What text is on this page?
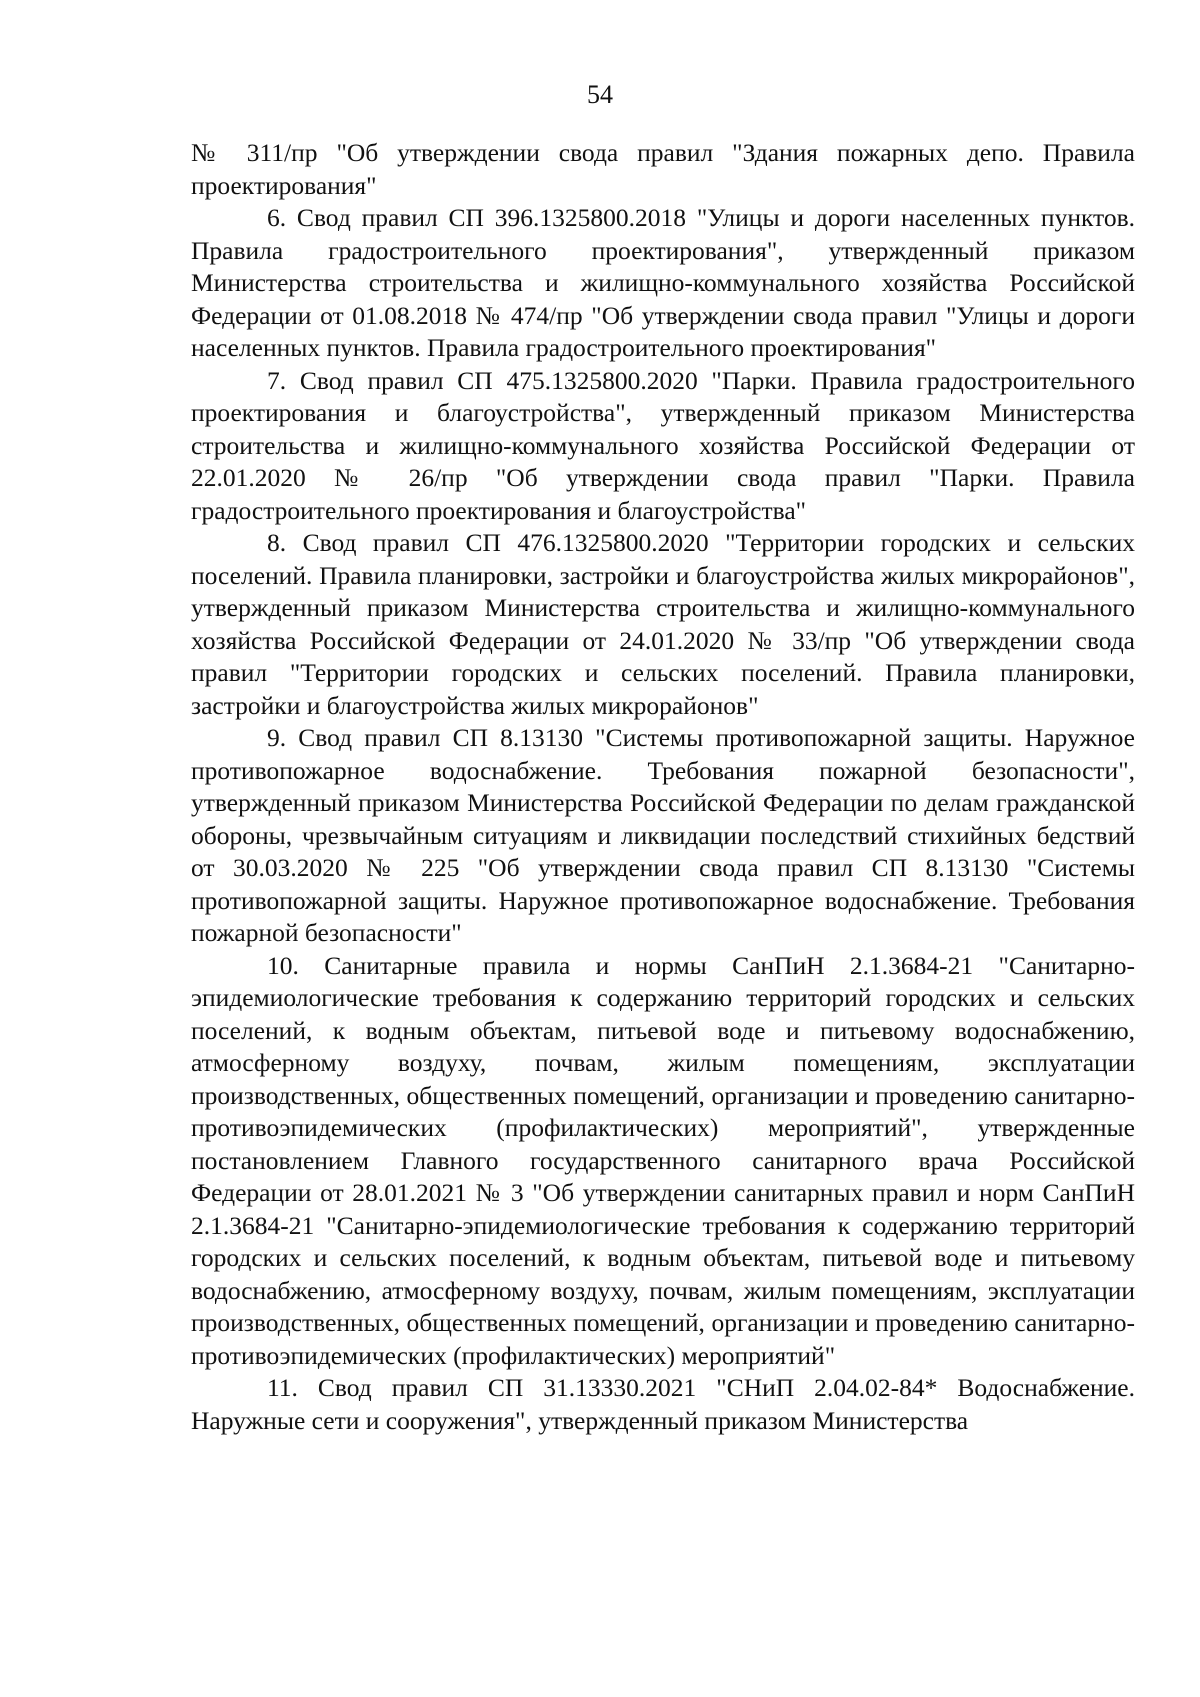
54

№ 311/пр "Об утверждении свода правил "Здания пожарных депо. Правила проектирования"

6. Свод правил СП 396.1325800.2018 "Улицы и дороги населенных пунктов. Правила градостроительного проектирования", утвержденный приказом Министерства строительства и жилищно-коммунального хозяйства Российской Федерации от 01.08.2018 № 474/пр "Об утверждении свода правил "Улицы и дороги населенных пунктов. Правила градостроительного проектирования"

7. Свод правил СП 475.1325800.2020 "Парки. Правила градостроительного проектирования и благоустройства", утвержденный приказом Министерства строительства и жилищно-коммунального хозяйства Российской Федерации от 22.01.2020 № 26/пр "Об утверждении свода правил "Парки. Правила градостроительного проектирования и благоустройства"

8. Свод правил СП 476.1325800.2020 "Территории городских и сельских поселений. Правила планировки, застройки и благоустройства жилых микрорайонов", утвержденный приказом Министерства строительства и жилищно-коммунального хозяйства Российской Федерации от 24.01.2020 № 33/пр "Об утверждении свода правил "Территории городских и сельских поселений. Правила планировки, застройки и благоустройства жилых микрорайонов"

9. Свод правил СП 8.13130 "Системы противопожарной защиты. Наружное противопожарное водоснабжение. Требования пожарной безопасности", утвержденный приказом Министерства Российской Федерации по делам гражданской обороны, чрезвычайным ситуациям и ликвидации последствий стихийных бедствий от 30.03.2020 № 225 "Об утверждении свода правил СП 8.13130 "Системы противопожарной защиты. Наружное противопожарное водоснабжение. Требования пожарной безопасности"

10. Санитарные правила и нормы СанПиН 2.1.3684-21 "Санитарно-эпидемиологические требования к содержанию территорий городских и сельских поселений, к водным объектам, питьевой воде и питьевому водоснабжению, атмосферному воздуху, почвам, жилым помещениям, эксплуатации производственных, общественных помещений, организации и проведению санитарно-противоэпидемических (профилактических) мероприятий", утвержденные постановлением Главного государственного санитарного врача Российской Федерации от 28.01.2021 № 3 "Об утверждении санитарных правил и норм СанПиН 2.1.3684-21 "Санитарно-эпидемиологические требования к содержанию территорий городских и сельских поселений, к водным объектам, питьевой воде и питьевому водоснабжению, атмосферному воздуху, почвам, жилым помещениям, эксплуатации производственных, общественных помещений, организации и проведению санитарно-противоэпидемических (профилактических) мероприятий"

11. Свод правил СП 31.13330.2021 "СНиП 2.04.02-84* Водоснабжение. Наружные сети и сооружения", утвержденный приказом Министерства
